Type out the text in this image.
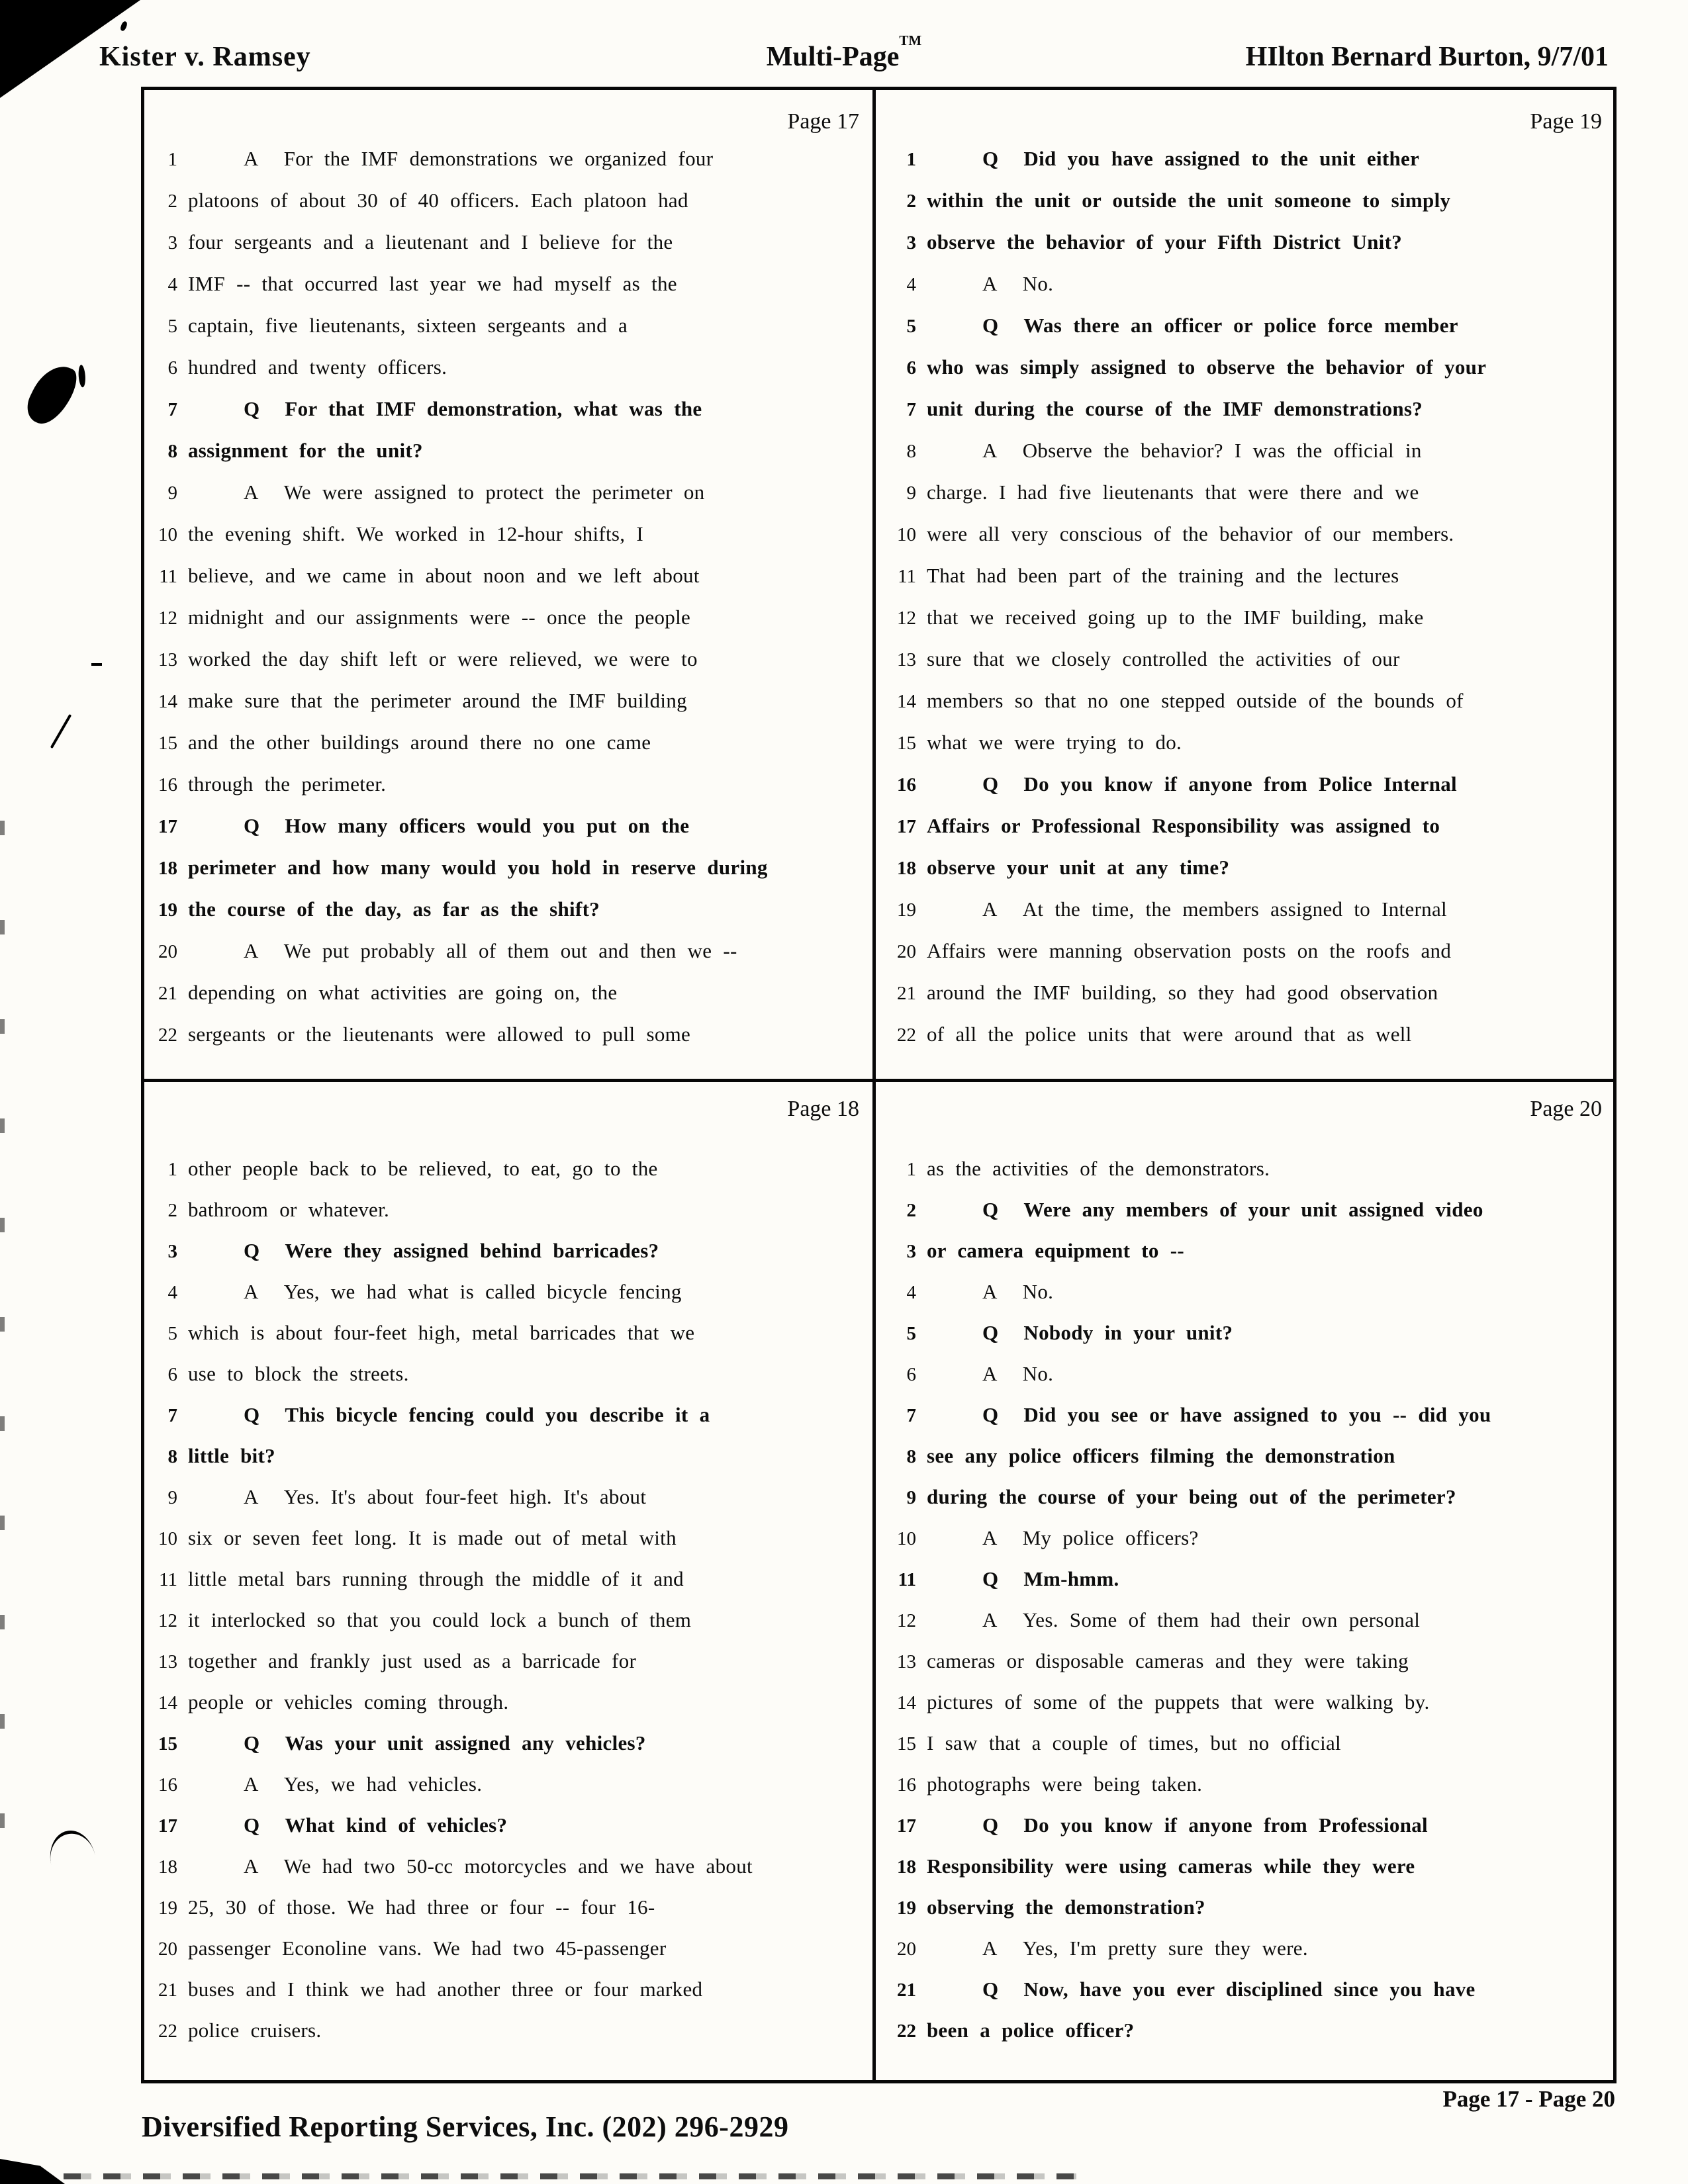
Kister v. Ramsey	Multi-Page™
HIlton Bernard Burton, 9/7/01
Page 17
1	A For the IMF demonstrations we organized four
2 platoons of about 30 of 40 officers. Each platoon had
3 four sergeants and a lieutenant and I believe for the
4 IMF -- that occurred last year we had myself as the
5 captain, five lieutenants, sixteen sergeants and a
6 hundred and twenty officers.
7	Q For that IMF demonstration, what was the
8 assignment for the unit?
9	A We were assigned to protect the perimeter on
10 the evening shift. We worked in 12-hour shifts, I
11 believe, and we came in about noon and we left about
12 midnight and our assignments were -- once the people
13 worked the day shift left or were relieved, we were to
14 make sure that the perimeter around the IMF building
15 and the other buildings around there no one came
16 through the perimeter.
17	Q How many officers would you put on the
18 perimeter and how many would you hold in reserve during
19 the course of the day, as far as the shift?
20	A We put probably all of them out and then we --
21 depending on what activities are going on, the
22 sergeants or the lieutenants were allowed to pull some
Page 19
1	Q Did you have assigned to the unit either
2 within the unit or outside the unit someone to simply
3 observe the behavior of your Fifth District Unit?
4	A No.
5	Q Was there an officer or police force member
6 who was simply assigned to observe the behavior of your
7 unit during the course of the IMF demonstrations?
8	A Observe the behavior? I was the official in
9 charge. I had five lieutenants that were there and we
10 were all very conscious of the behavior of our members.
11 That had been part of the training and the lectures
12 that we received going up to the IMF building, make
13 sure that we closely controlled the activities of our
14 members so that no one stepped outside of the bounds of
15 what we were trying to do.
16	Q Do you know if anyone from Police Internal
17 Affairs or Professional Responsibility was assigned to
18 observe your unit at any time?
19	A At the time, the members assigned to Internal
20 Affairs were manning observation posts on the roofs and
21 around the IMF building, so they had good observation
22 of all the police units that were around that as well
Page 18
1 other people back to be relieved, to eat, go to the
2 bathroom or whatever.
3	Q Were they assigned behind barricades?
4	A Yes, we had what is called bicycle fencing
5 which is about four-feet high, metal barricades that we
6 use to block the streets.
7	Q This bicycle fencing could you describe it a
8 little bit?
9	A Yes. It's about four-feet high. It's about
10 six or seven feet long. It is made out of metal with
11 little metal bars running through the middle of it and
12 it interlocked so that you could lock a bunch of them
13 together and frankly just used as a barricade for
14 people or vehicles coming through.
15	Q Was your unit assigned any vehicles?
16	A Yes, we had vehicles.
17	Q What kind of vehicles?
18	A We had two 50-cc motorcycles and we have about
19 25, 30 of those. We had three or four -- four 16-
20 passenger Econoline vans. We had two 45-passenger
21 buses and I think we had another three or four marked
22 police cruisers.
Page 20
1 as the activities of the demonstrators.
2	Q Were any members of your unit assigned video
3 or camera equipment to --
4	A No.
5	Q Nobody in your unit?
6	A No.
7	Q Did you see or have assigned to you -- did you
8 see any police officers filming the demonstration
9 during the course of your being out of the perimeter?
10	A My police officers?
11	Q Mm-hmm.
12	A Yes. Some of them had their own personal
13 cameras or disposable cameras and they were taking
14 pictures of some of the puppets that were walking by.
15 I saw that a couple of times, but no official
16 photographs were being taken.
17	Q Do you know if anyone from Professional
18 Responsibility were using cameras while they were
19 observing the demonstration?
20	A Yes, I'm pretty sure they were.
21	Q Now, have you ever disciplined since you have
22 been a police officer?
Page 17 - Page 20
Diversified Reporting Services, Inc. (202) 296-2929
